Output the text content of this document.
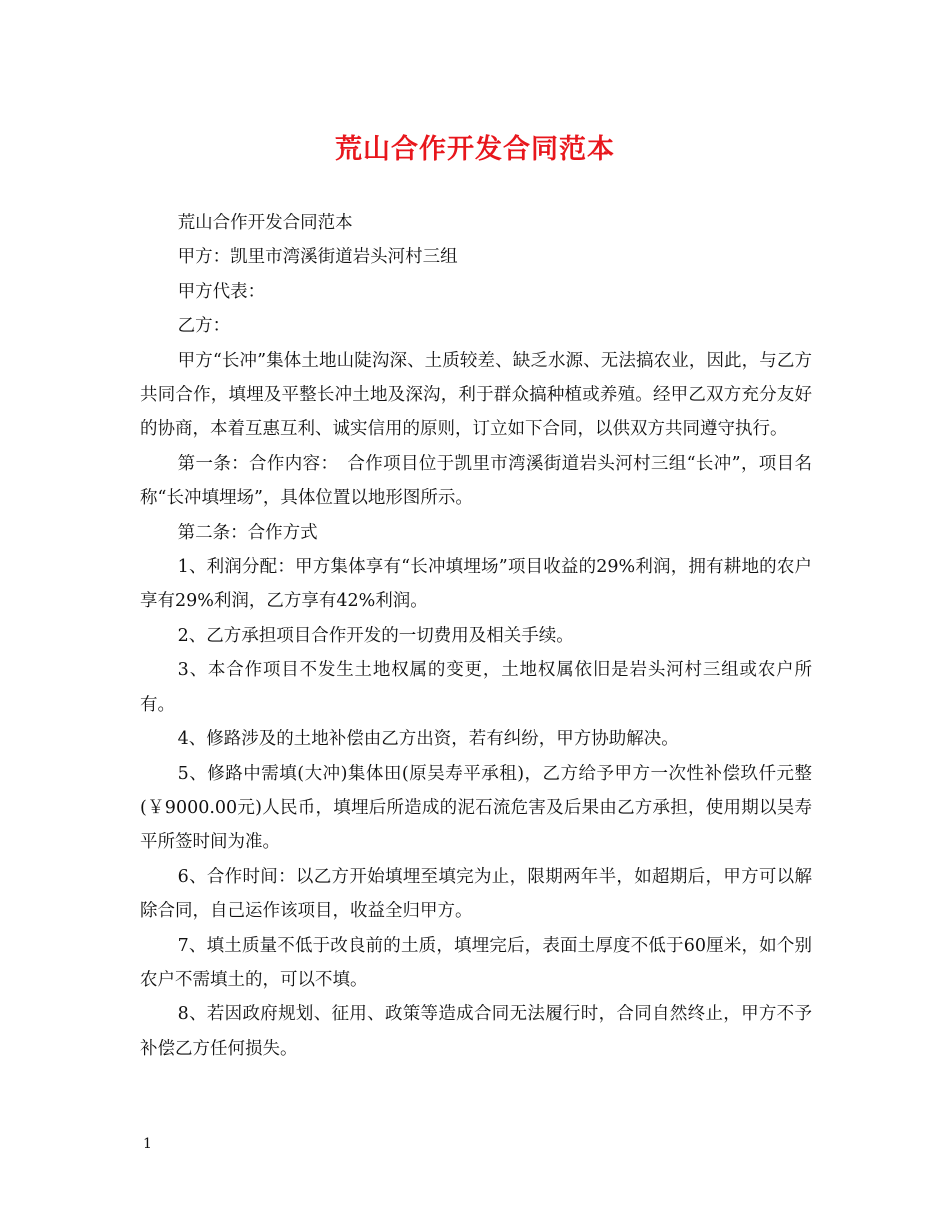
荒山合作开发合同范本

荒山合作开发合同范本

甲方：凯里市湾溪街道岩头河村三组

甲方代表：

乙方：

甲方“长冲”集体土地山陡沟深、土质较差、缺乏水源、无法搞农业，因此，与乙方共同合作，填埋及平整长冲土地及深沟，利于群众搞种植或养殖。经甲乙双方充分友好的协商，本着互惠互利、诚实信用的原则，订立如下合同，以供双方共同遵守执行。

第一条：合作内容：　合作项目位于凯里市湾溪街道岩头河村三组“长冲”，项目名称“长冲填埋场”，具体位置以地形图所示。

第二条：合作方式

1、利润分配：甲方集体享有“长冲填埋场”项目收益的29%利润，拥有耕地的农户享有29%利润，乙方享有42%利润。

2、乙方承担项目合作开发的一切费用及相关手续。

3、本合作项目不发生土地权属的变更，土地权属依旧是岩头河村三组或农户所有。

4、修路涉及的土地补偿由乙方出资，若有纠纷，甲方协助解决。

5、修路中需填(大冲)集体田(原吴寿平承租)，乙方给予甲方一次性补偿玖仟元整(￥9000.00元)人民币，填埋后所造成的泥石流危害及后果由乙方承担，使用期以吴寿平所签时间为准。

6、合作时间：以乙方开始填埋至填完为止，限期两年半，如超期后，甲方可以解除合同，自己运作该项目，收益全归甲方。

7、填土质量不低于改良前的土质，填埋完后，表面土厚度不低于60厘米，如个别农户不需填土的，可以不填。

8、若因政府规划、征用、政策等造成合同无法履行时，合同自然终止，甲方不予补偿乙方任何损失。

1
